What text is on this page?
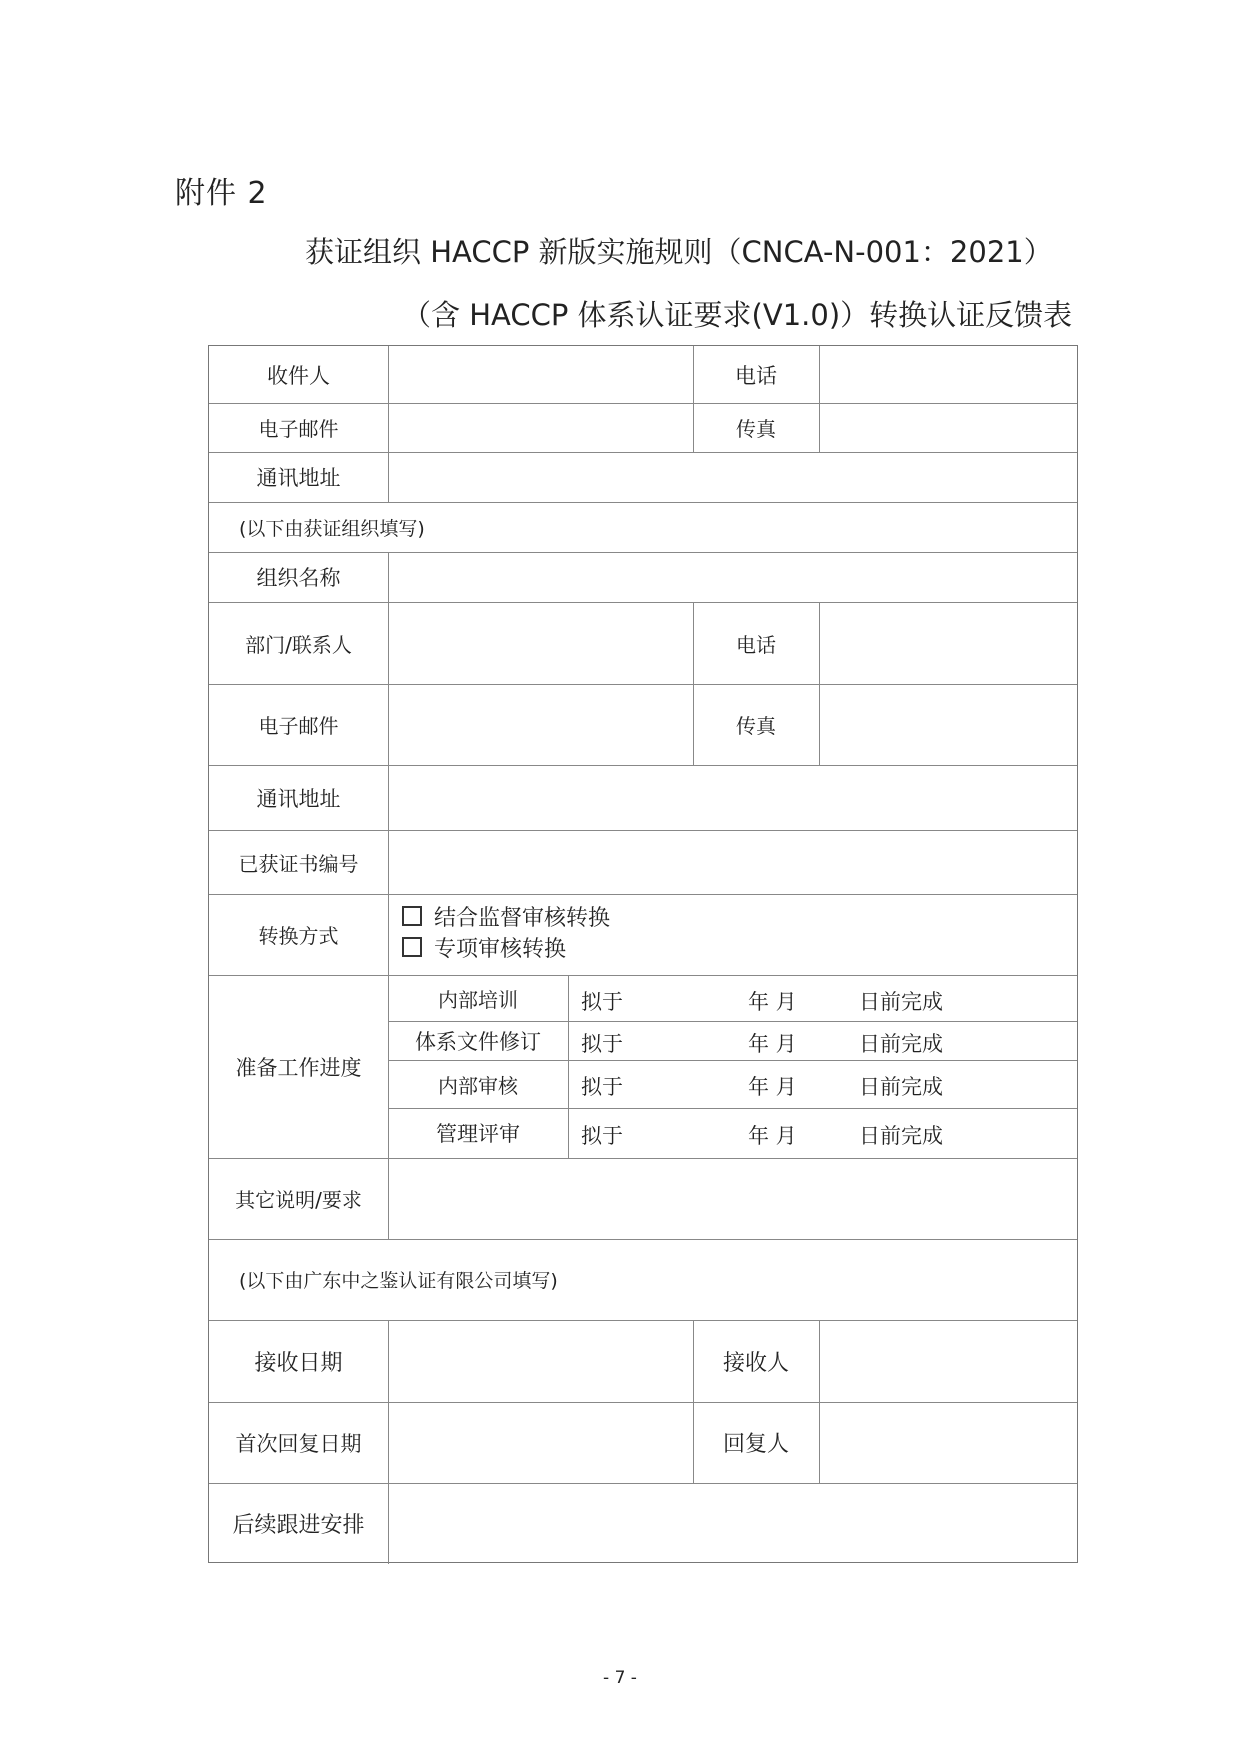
附件 2
获证组织 HACCP 新版实施规则（CNCA-N-001：2021）
（含 HACCP 体系认证要求(V1.0)）转换认证反馈表
收件人	电话
电子邮件	传真
通讯地址
(以下由获证组织填写)
组织名称
部门/联系人	电话
电子邮件	传真
通讯地址
已获证书编号
转换方式
结合监督审核转换
专项审核转换
准备工作进度
内部培训	拟于	年 月	日前完成
体系文件修订	拟于	年 月	日前完成
内部审核	拟于	年 月	日前完成
管理评审	拟于	年 月	日前完成
其它说明/要求
(以下由广东中之鉴认证有限公司填写)
接收日期	接收人
首次回复日期	回复人
后续跟进安排
- 7 -
